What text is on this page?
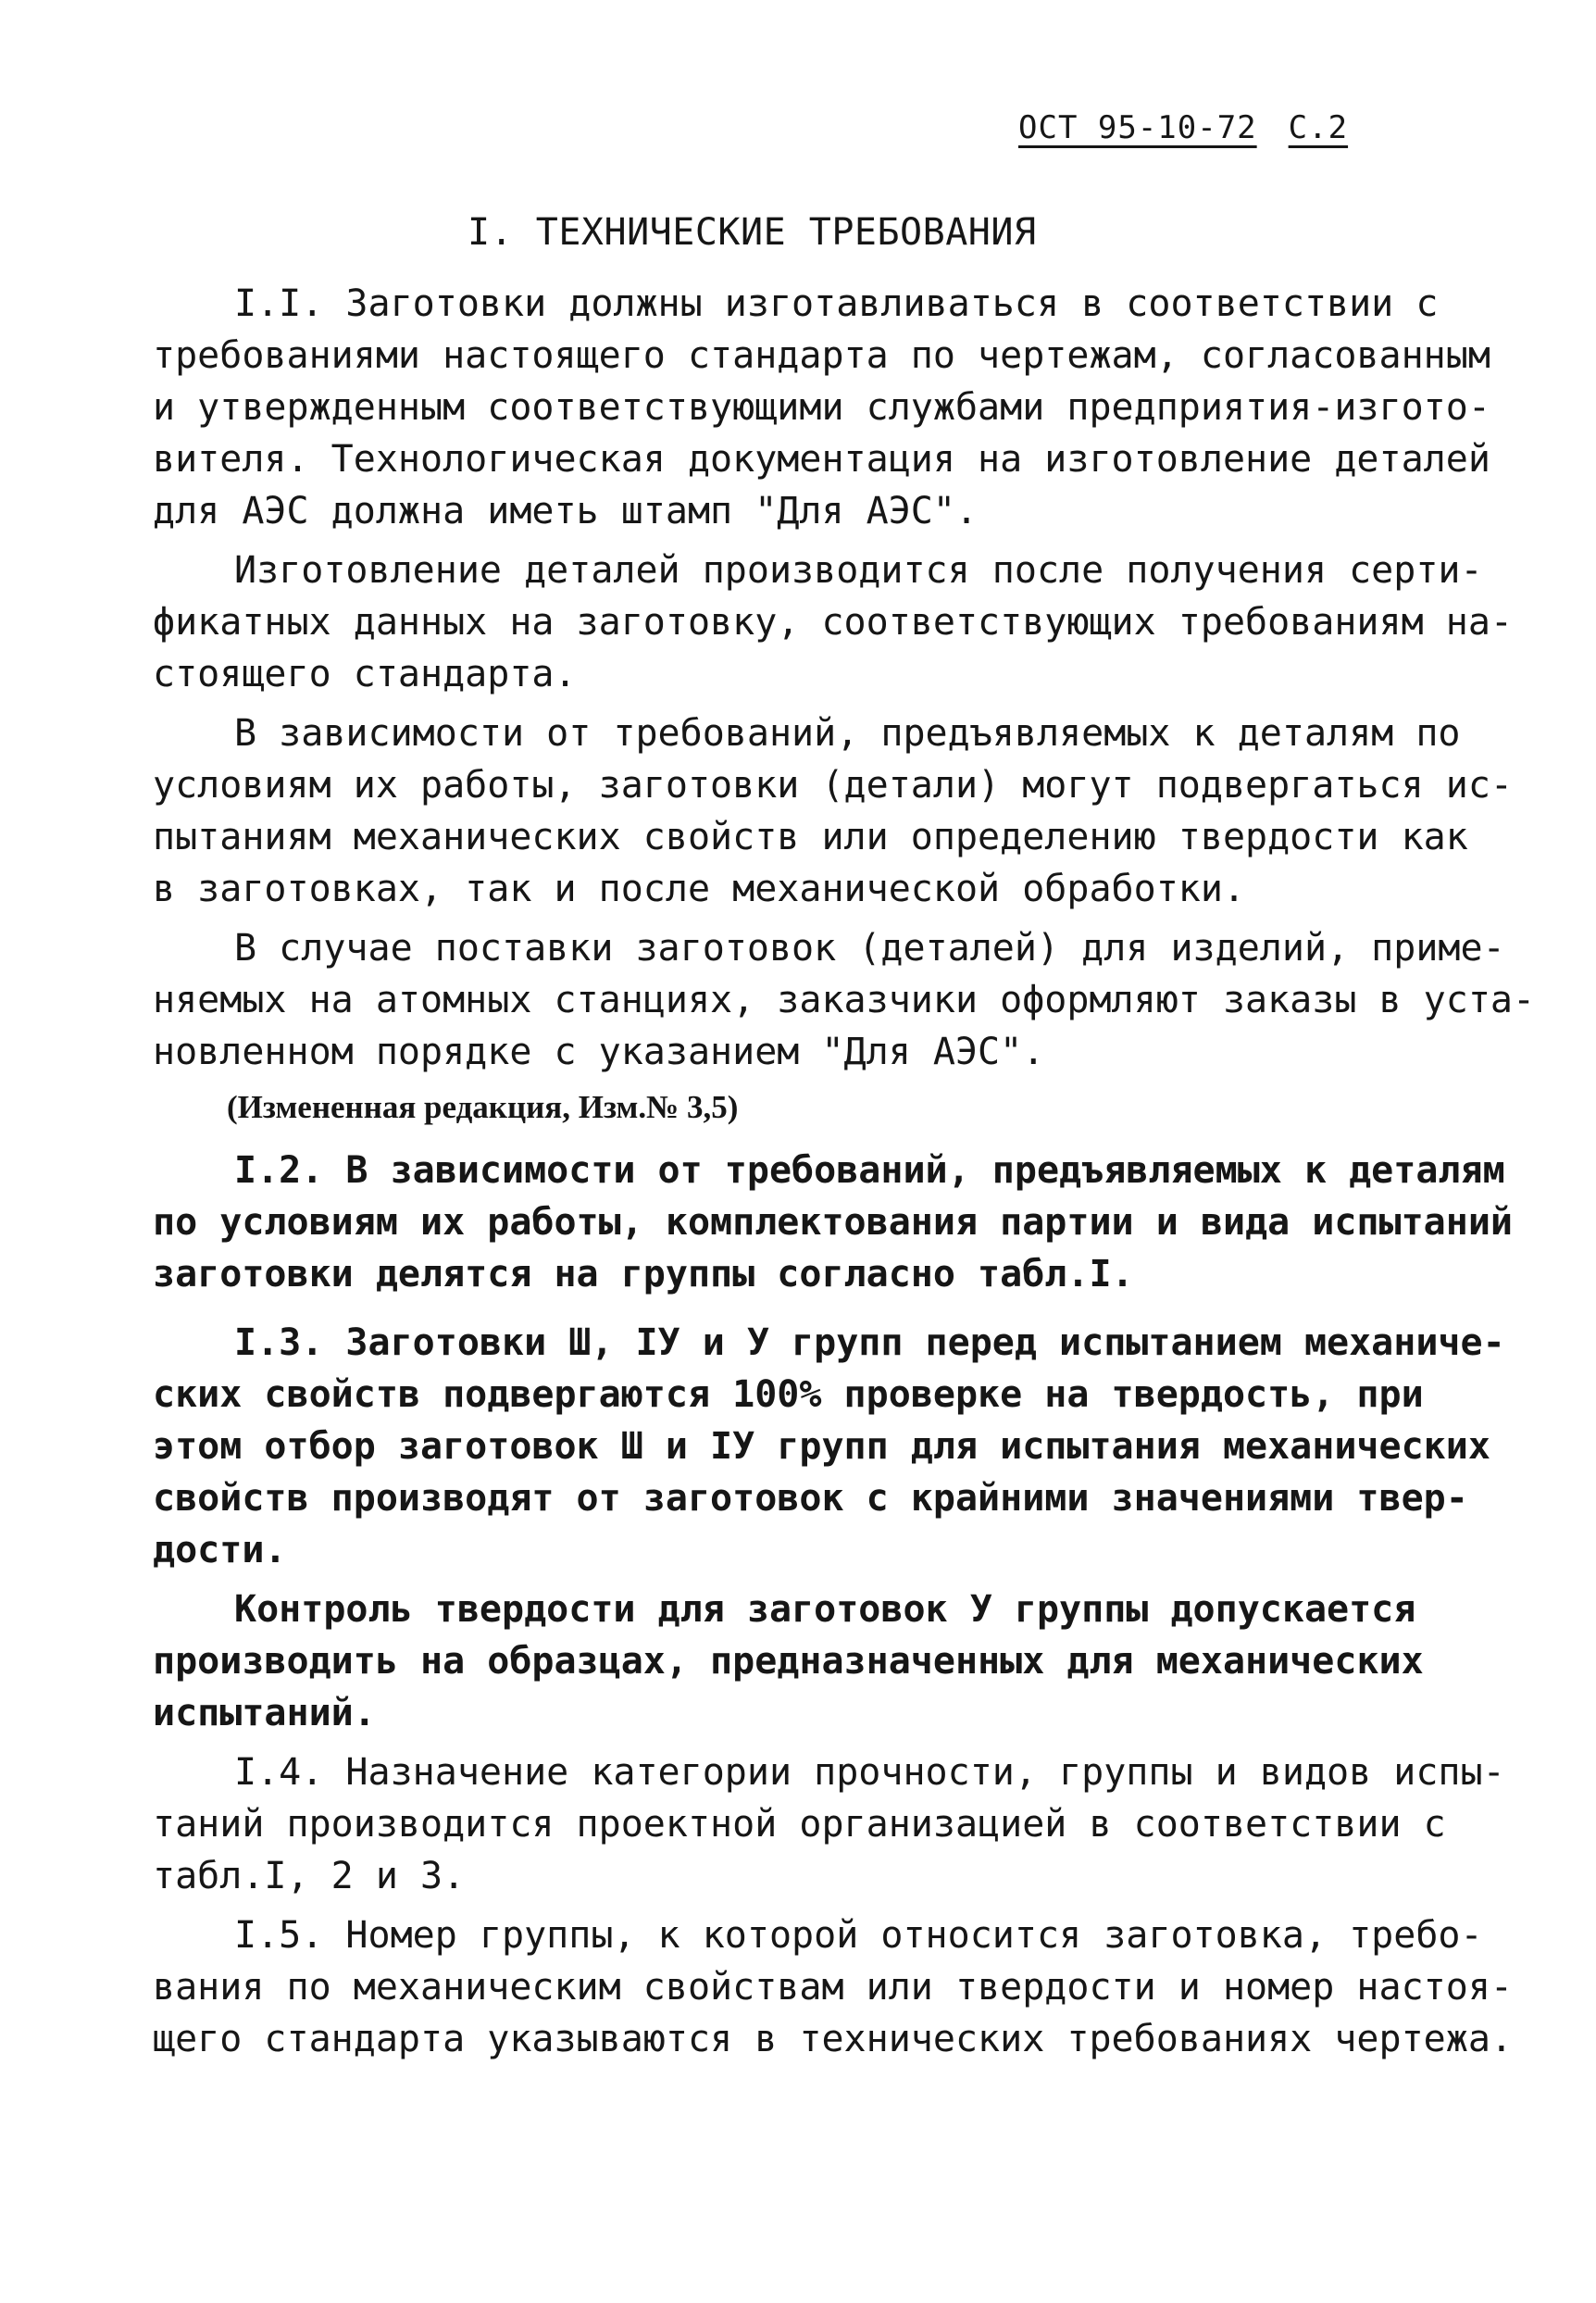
ОСТ 95-10-72 С.2
I. ТЕХНИЧЕСКИЕ ТРЕБОВАНИЯ

I.I. Заготовки должны изготавливаться в соответствии с

требованиями настоящего стандарта по чертежам, согласованным

и утвержденным соответствующими службами предприятия-изгото-

вителя. Технологическая документация на изготовление деталей

для АЭС должна иметь штамп "Для АЭС".

Изготовление деталей производится после получения серти-

фикатных данных на заготовку, соответствующих требованиям на-

стоящего стандарта.

В зависимости от требований, предъявляемых к деталям по

условиям их работы, заготовки (детали) могут подвергаться ис-

пытаниям механических свойств или определению твердости как

в заготовках, так и после механической обработки.

В случае поставки заготовок (деталей) для изделий, приме-

няемых на атомных станциях, заказчики оформляют заказы в уста-

новленном порядке с указанием "Для АЭС".

(Измененная редакция, Изм.№ 3,5)

I.2. В зависимости от требований, предъявляемых к деталям

по условиям их работы, комплектования партии и вида испытаний

заготовки делятся на группы согласно табл.I.

I.3. Заготовки Ш, IУ и У групп перед испытанием механиче-

ских свойств подвергаются 100% проверке на твердость, при

этом отбор заготовок Ш и IУ групп для испытания механических

свойств производят от заготовок с крайними значениями твер-

дости.

Контроль твердости для заготовок У группы допускается

производить на образцах, предназначенных для механических

испытаний.

I.4. Назначение категории прочности, группы и видов испы-

таний производится проектной организацией в соответствии с

табл.I, 2 и 3.

I.5. Номер группы, к которой относится заготовка, требо-

вания по механическим свойствам или твердости и номер настоя-

щего стандарта указываются в технических требованиях чертежа.
